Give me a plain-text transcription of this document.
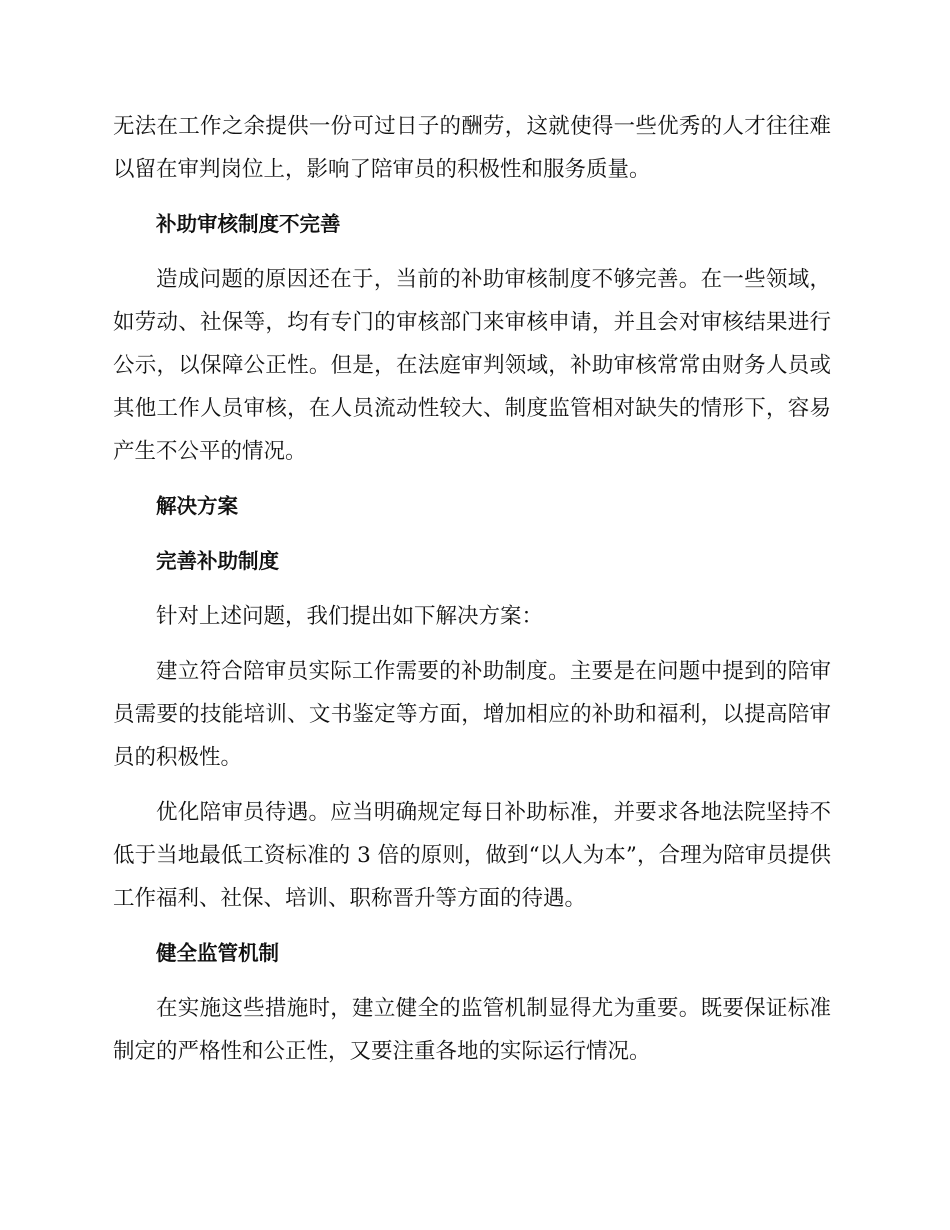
无法在工作之余提供一份可过日子的酬劳，这就使得一些优秀的人才往往难以留在审判岗位上，影响了陪审员的积极性和服务质量。

补助审核制度不完善

造成问题的原因还在于，当前的补助审核制度不够完善。在一些领域，如劳动、社保等，均有专门的审核部门来审核申请，并且会对审核结果进行公示，以保障公正性。但是，在法庭审判领域，补助审核常常由财务人员或其他工作人员审核，在人员流动性较大、制度监管相对缺失的情形下，容易产生不公平的情况。

解决方案
完善补助制度

针对上述问题，我们提出如下解决方案：

建立符合陪审员实际工作需要的补助制度。主要是在问题中提到的陪审员需要的技能培训、文书鉴定等方面，增加相应的补助和福利，以提高陪审员的积极性。

优化陪审员待遇。应当明确规定每日补助标准，并要求各地法院坚持不低于当地最低工资标准的 3 倍的原则，做到“以人为本”，合理为陪审员提供工作福利、社保、培训、职称晋升等方面的待遇。

健全监管机制

在实施这些措施时，建立健全的监管机制显得尤为重要。既要保证标准制定的严格性和公正性，又要注重各地的实际运行情况。
